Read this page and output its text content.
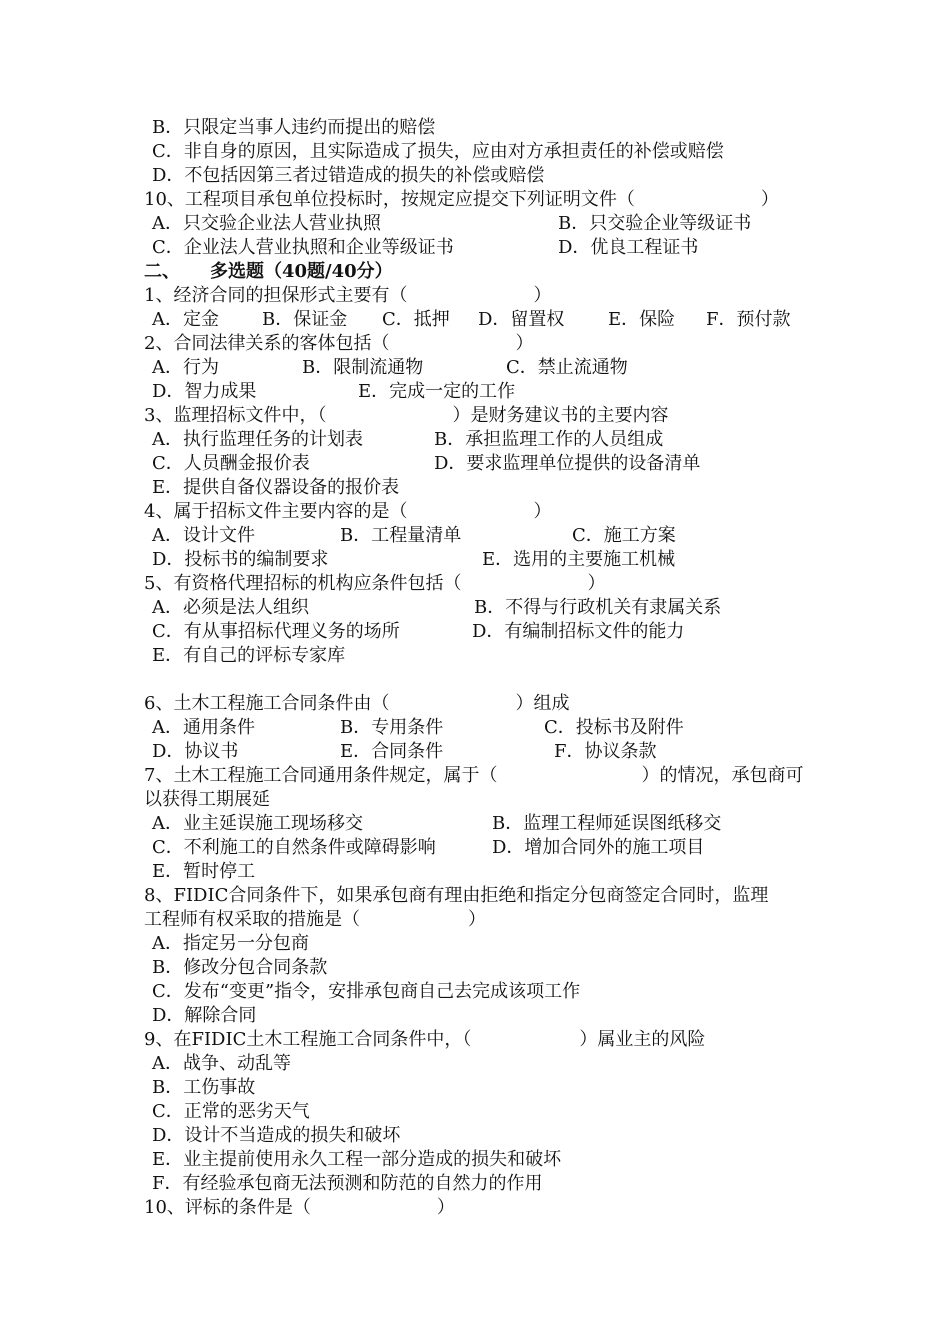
B．只限定当事人违约而提出的赔偿
C．非自身的原因，且实际造成了损失，应由对方承担责任的补偿或赔偿
D．不包括因第三者过错造成的损失的补偿或赔偿
10、工程项目承包单位投标时，按规定应提交下列证明文件（　　　　　　　）
A．只交验企业法人营业执照	B．只交验企业等级证书
C．企业法人营业执照和企业等级证书	D．优良工程证书
二、 多选题（40题/40分）
1、经济合同的担保形式主要有（　　　　　　　）
A．定金 B．保证金 C．抵押 D．留置权 E．保险 F．预付款
2、合同法律关系的客体包括（　　　　　　　）
A．行为	B．限制流通物	C．禁止流通物
D．智力成果	E．完成一定的工作
3、监理招标文件中，（　　　　　　　）是财务建议书的主要内容
A．执行监理任务的计划表	B．承担监理工作的人员组成
C．人员酬金报价表	D．要求监理单位提供的设备清单
E．提供自备仪器设备的报价表
4、属于招标文件主要内容的是（　　　　　　　）
A．设计文件	B．工程量清单	C．施工方案
D．投标书的编制要求	E．选用的主要施工机械
5、有资格代理招标的机构应条件包括（　　　　　　　）
A．必须是法人组织	B．不得与行政机关有隶属关系
C．有从事招标代理义务的场所	D．有编制招标文件的能力
E．有自己的评标专家库
6、土木工程施工合同条件由（　　　　　　　）组成
A．通用条件	B．专用条件	C．投标书及附件
D．协议书	E．合同条件	F．协议条款
7、土木工程施工合同通用条件规定，属于（　　　　　　　　）的情况，承包商可
以获得工期展延
A．业主延误施工现场移交	B．监理工程师延误图纸移交
C．不利施工的自然条件或障碍影响	D．增加合同外的施工项目
E．暂时停工
8、FIDIC合同条件下，如果承包商有理由拒绝和指定分包商签定合同时，监理
工程师有权采取的措施是（　　　　　　）
A．指定另一分包商
B．修改分包合同条款
C．发布“变更”指令，安排承包商自己去完成该项工作
D．解除合同
9、在FIDIC土木工程施工合同条件中，（　　　　　　）属业主的风险
A．战争、动乱等
B．工伤事故
C．正常的恶劣天气
D．设计不当造成的损失和破坏
E．业主提前使用永久工程一部分造成的损失和破坏
F．有经验承包商无法预测和防范的自然力的作用
10、评标的条件是（　　　　　　　）
